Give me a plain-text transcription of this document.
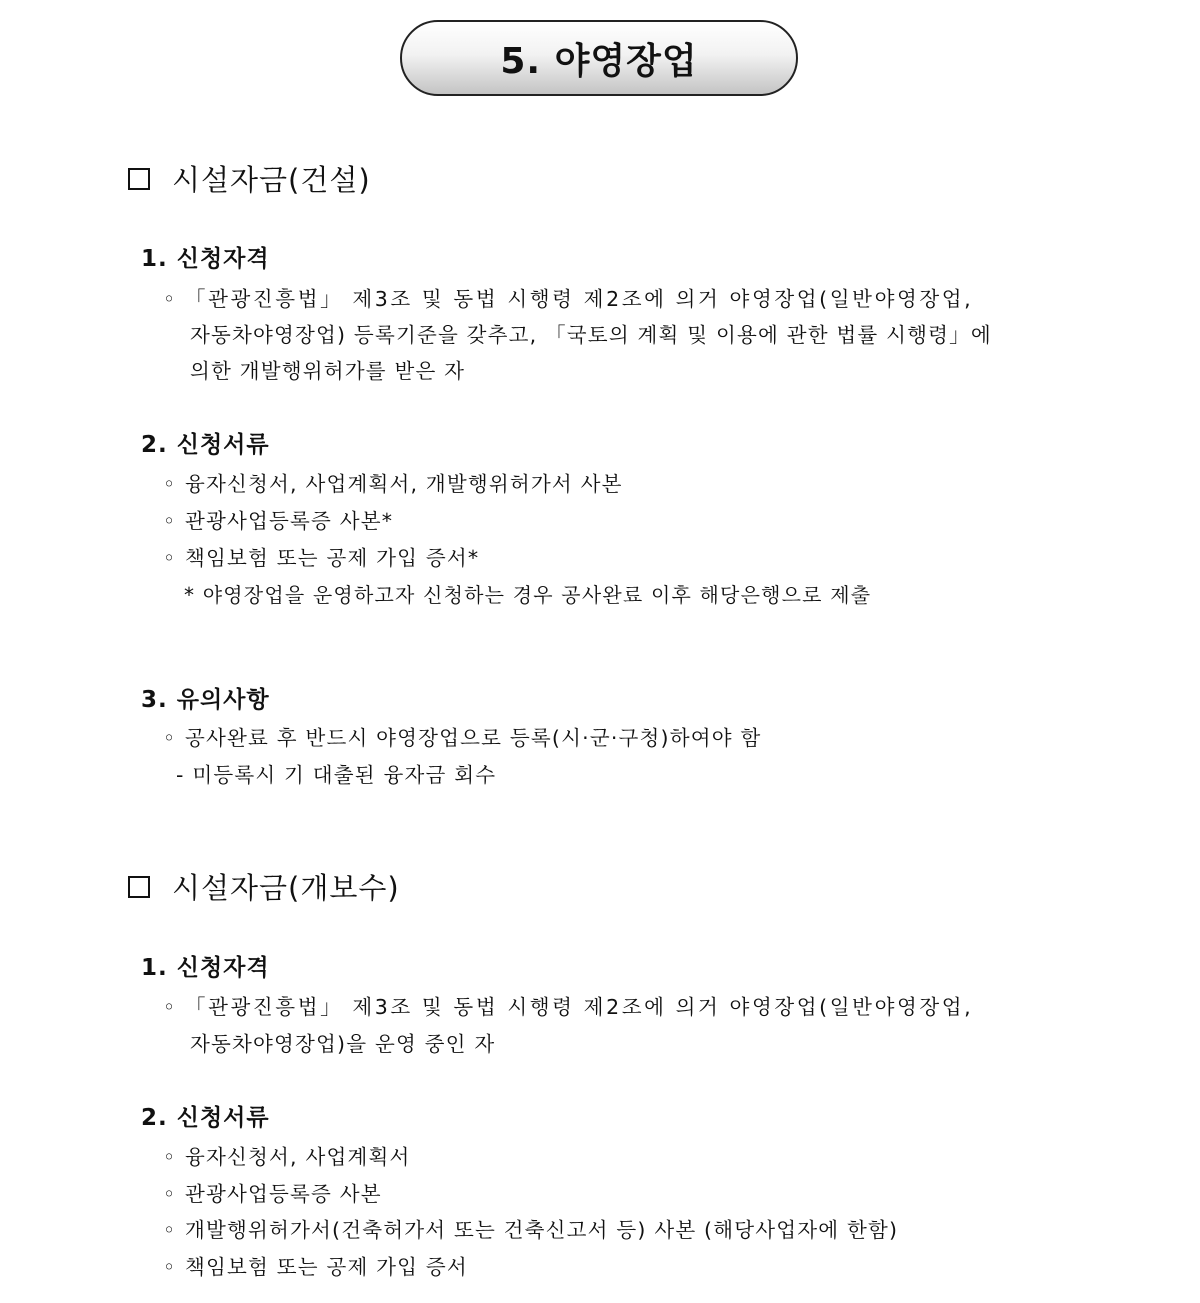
5. 야영장업
시설자금(건설)
1. 신청자격
◦ 「관광진흥법」 제3조 및 동법 시행령 제2조에 의거 야영장업(일반야영장업,
자동차야영장업) 등록기준을 갖추고, 「국토의 계획 및 이용에 관한 법률 시행령」에
의한 개발행위허가를 받은 자
2. 신청서류
◦ 융자신청서, 사업계획서, 개발행위허가서 사본
◦ 관광사업등록증 사본*
◦ 책임보험 또는 공제 가입 증서*
* 야영장업을 운영하고자 신청하는 경우 공사완료 이후 해당은행으로 제출
3. 유의사항
◦ 공사완료 후 반드시 야영장업으로 등록(시·군·구청)하여야 함
- 미등록시 기 대출된 융자금 회수
시설자금(개보수)
1. 신청자격
◦ 「관광진흥법」 제3조 및 동법 시행령 제2조에 의거 야영장업(일반야영장업,
자동차야영장업)을 운영 중인 자
2. 신청서류
◦ 융자신청서, 사업계획서
◦ 관광사업등록증 사본
◦ 개발행위허가서(건축허가서 또는 건축신고서 등) 사본 (해당사업자에 한함)
◦ 책임보험 또는 공제 가입 증서
